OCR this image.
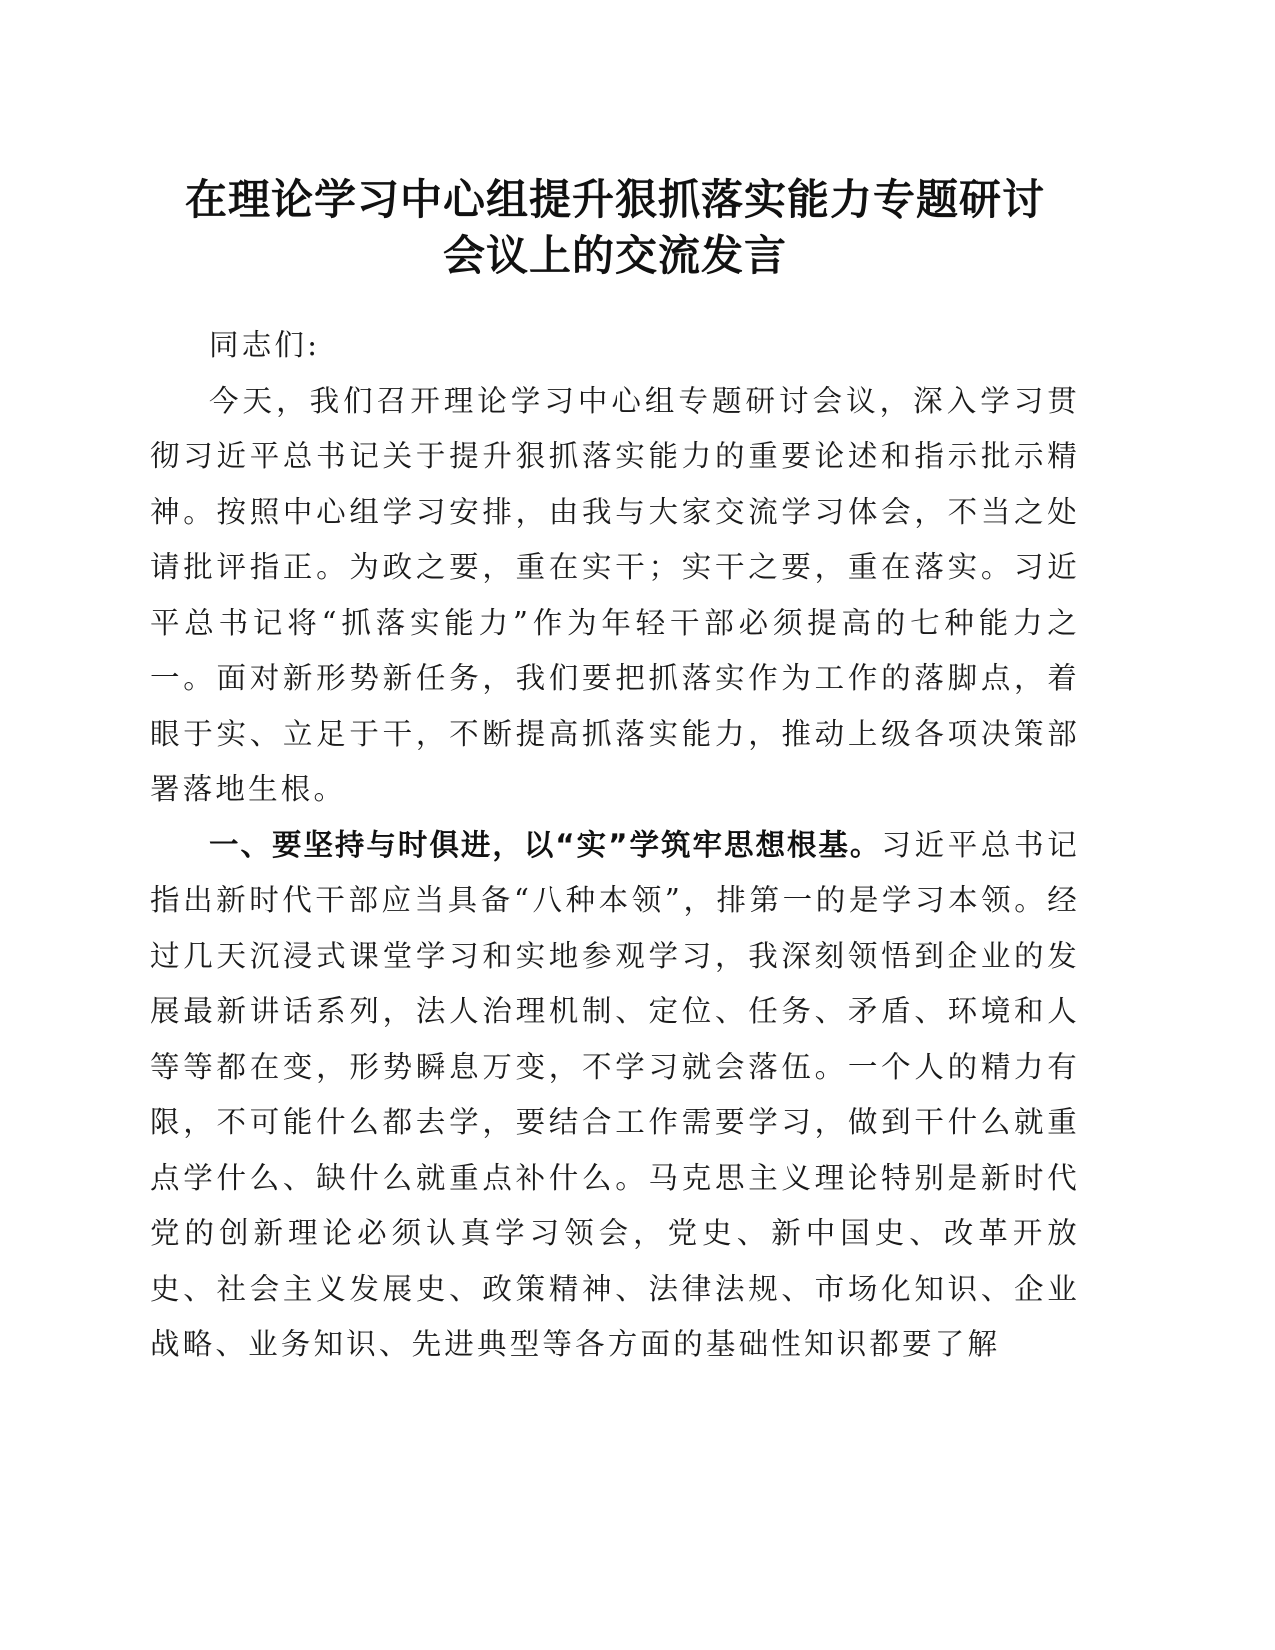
在理论学习中心组提升狠抓落实能力专题研讨
会议上的交流发言

同志们:

今天，我们召开理论学习中心组专题研讨会议，深入学习贯彻习近平总书记关于提升狠抓落实能力的重要论述和指示批示精神。按照中心组学习安排，由我与大家交流学习体会，不当之处请批评指正。为政之要，重在实干；实干之要，重在落实。习近平总书记将“抓落实能力”作为年轻干部必须提高的七种能力之一。面对新形势新任务，我们要把抓落实作为工作的落脚点，着眼于实、立足于干，不断提高抓落实能力，推动上级各项决策部署落地生根。

一、要坚持与时俱进，以“实”学筑牢思想根基。习近平总书记指出新时代干部应当具备“八种本领”，排第一的是学习本领。经过几天沉浸式课堂学习和实地参观学习，我深刻领悟到企业的发展最新讲话系列，法人治理机制、定位、任务、矛盾、环境和人等等都在变，形势瞬息万变，不学习就会落伍。一个人的精力有限，不可能什么都去学，要结合工作需要学习，做到干什么就重点学什么、缺什么就重点补什么。马克思主义理论特别是新时代党的创新理论必须认真学习领会，党史、新中国史、改革开放史、社会主义发展史、政策精神、法律法规、市场化知识、企业战略、业务知识、先进典型等各方面的基础性知识都要了解
